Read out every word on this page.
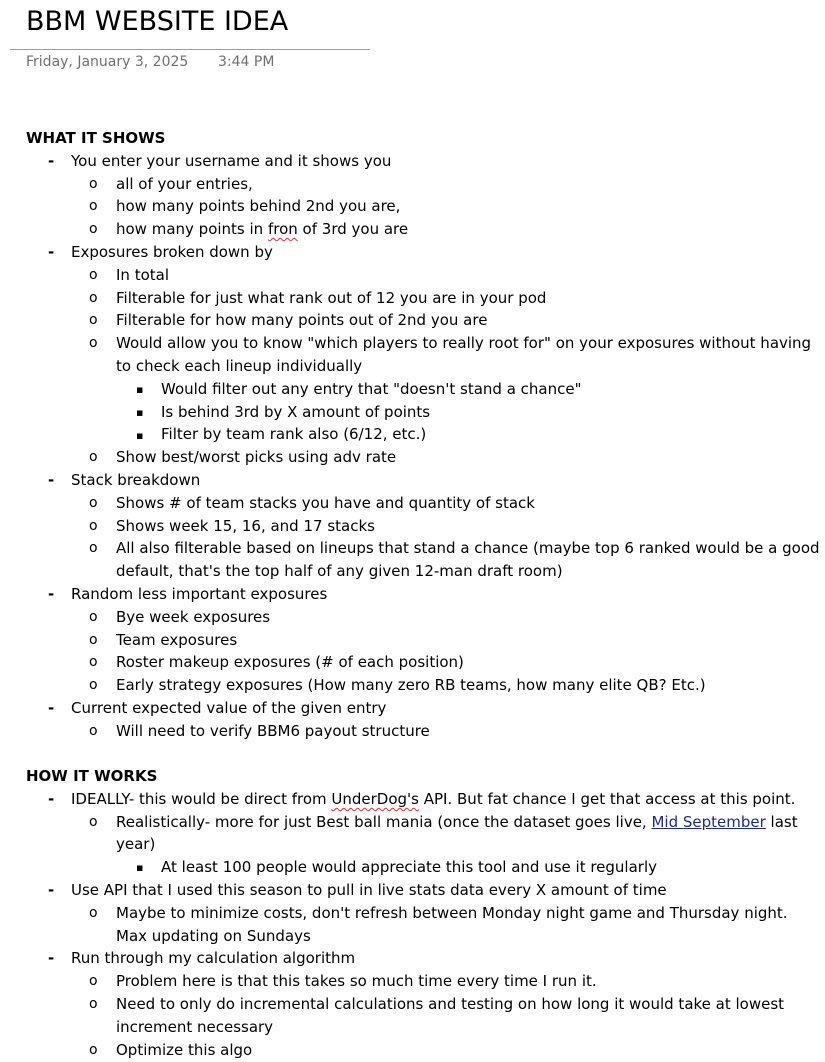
BBM WEBSITE IDEA
Friday, January 3, 2025 3:44 PM
WHAT IT SHOWS
- You enter your username and it shows you
o all of your entries,
o how many points behind 2nd you are,
o how many points in fron of 3rd you are
- Exposures broken down by
o In total
o Filterable for just what rank out of 12 you are in your pod
o Filterable for how many points out of 2nd you are
o Would allow you to know "which players to really root for" on your exposures without having
to check each lineup individually
▪ Would filter out any entry that "doesn't stand a chance"
▪ Is behind 3rd by X amount of points
▪ Filter by team rank also (6/12, etc.)
o Show best/worst picks using adv rate
- Stack breakdown
o Shows # of team stacks you have and quantity of stack
o Shows week 15, 16, and 17 stacks
o All also filterable based on lineups that stand a chance (maybe top 6 ranked would be a good
default, that's the top half of any given 12-man draft room)
- Random less important exposures
o Bye week exposures
o Team exposures
o Roster makeup exposures (# of each position)
o Early strategy exposures (How many zero RB teams, how many elite QB? Etc.)
- Current expected value of the given entry
o Will need to verify BBM6 payout structure
HOW IT WORKS
- IDEALLY- this would be direct from UnderDog's API. But fat chance I get that access at this point.
o Realistically- more for just Best ball mania (once the dataset goes live, Mid September last
year)
▪ At least 100 people would appreciate this tool and use it regularly
- Use API that I used this season to pull in live stats data every X amount of time
o Maybe to minimize costs, don't refresh between Monday night game and Thursday night.
Max updating on Sundays
- Run through my calculation algorithm
o Problem here is that this takes so much time every time I run it.
o Need to only do incremental calculations and testing on how long it would take at lowest
increment necessary
o Optimize this algo
